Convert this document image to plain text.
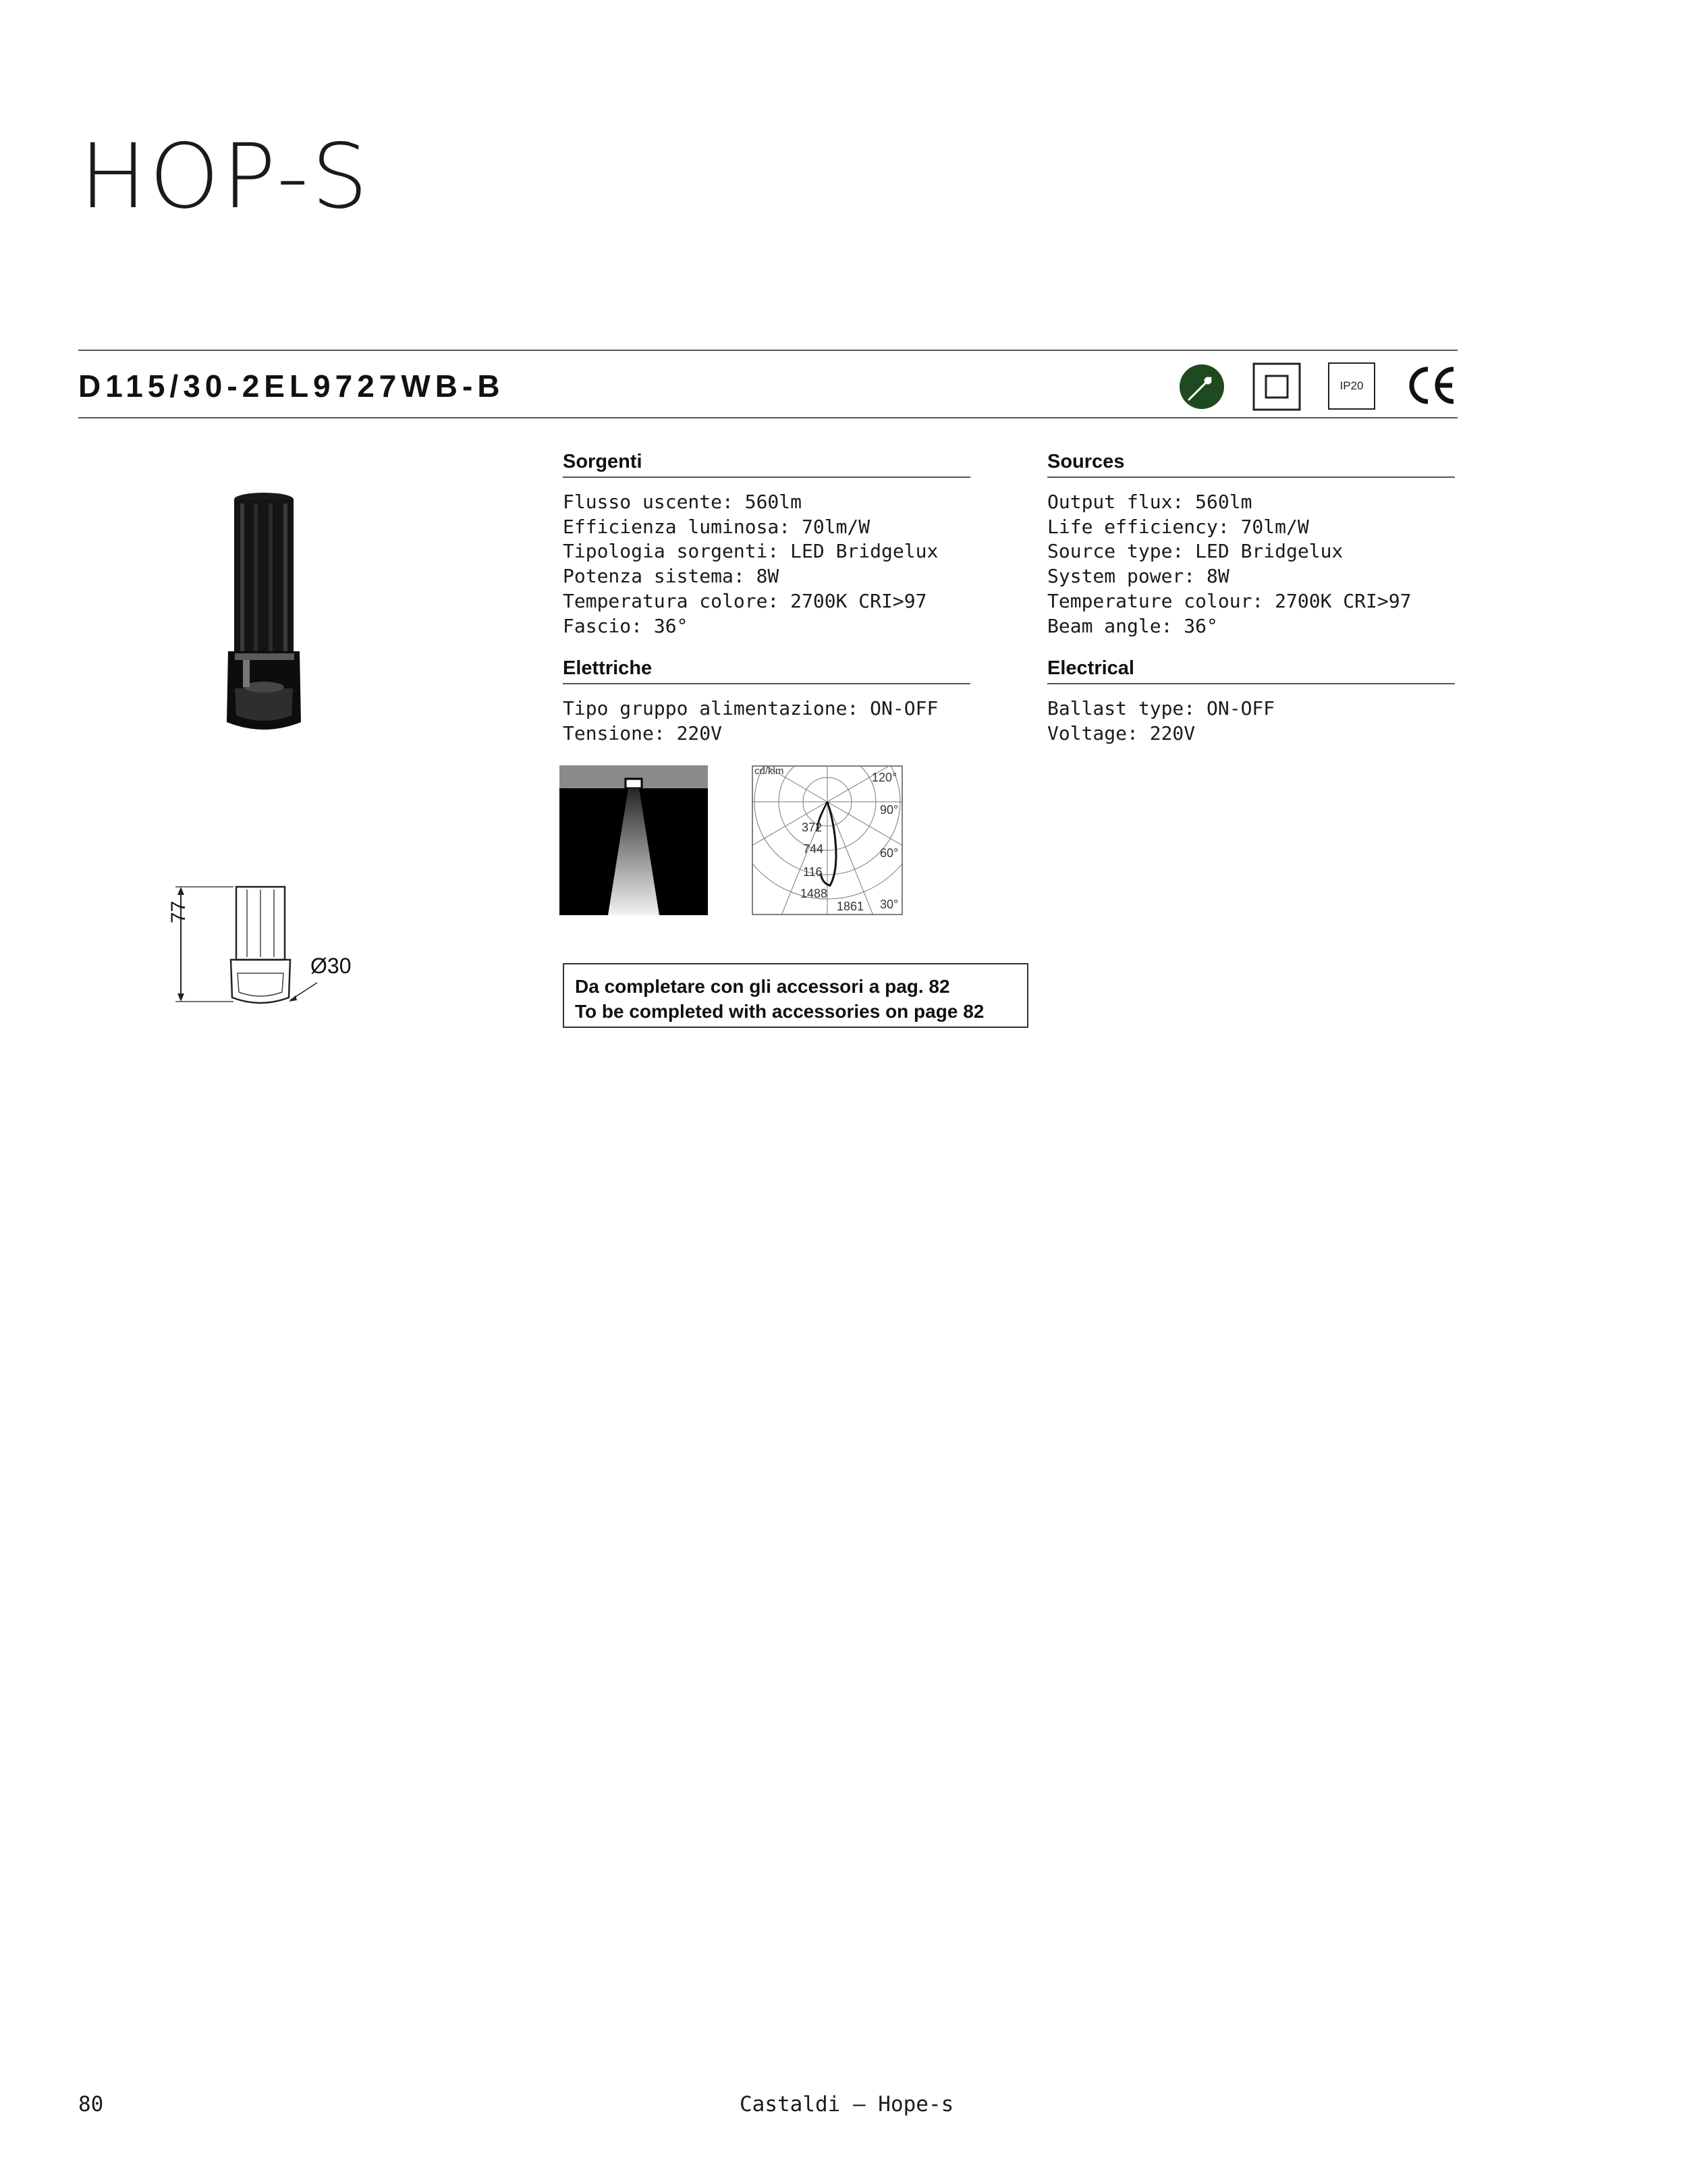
HOP-S
D115/30-2EL9727WB-B	IP20
77
Ø30
Sorgenti
Flusso uscente: 560lm
Efficienza luminosa: 70lm/W
Tipologia sorgenti: LED Bridgelux
Potenza sistema: 8W
Temperatura colore: 2700K CRI>97
Fascio: 36°
Elettriche
Tipo gruppo alimentazione: ON-OFF
Tensione: 220V
Sources
Output flux: 560lm
Life efficiency: 70lm/W
Source type: LED Bridgelux
System power: 8W
Temperature colour: 2700K CRI>97
Beam angle: 36°
Electrical
Ballast type: ON-OFF
Voltage: 220V
cd/klm	120°
90°
60°
30°
372
744
116
1488
1861
Da completare con gli accessori a pag. 82
To be completed with accessories on page 82
80	Castaldi — Hope-s
